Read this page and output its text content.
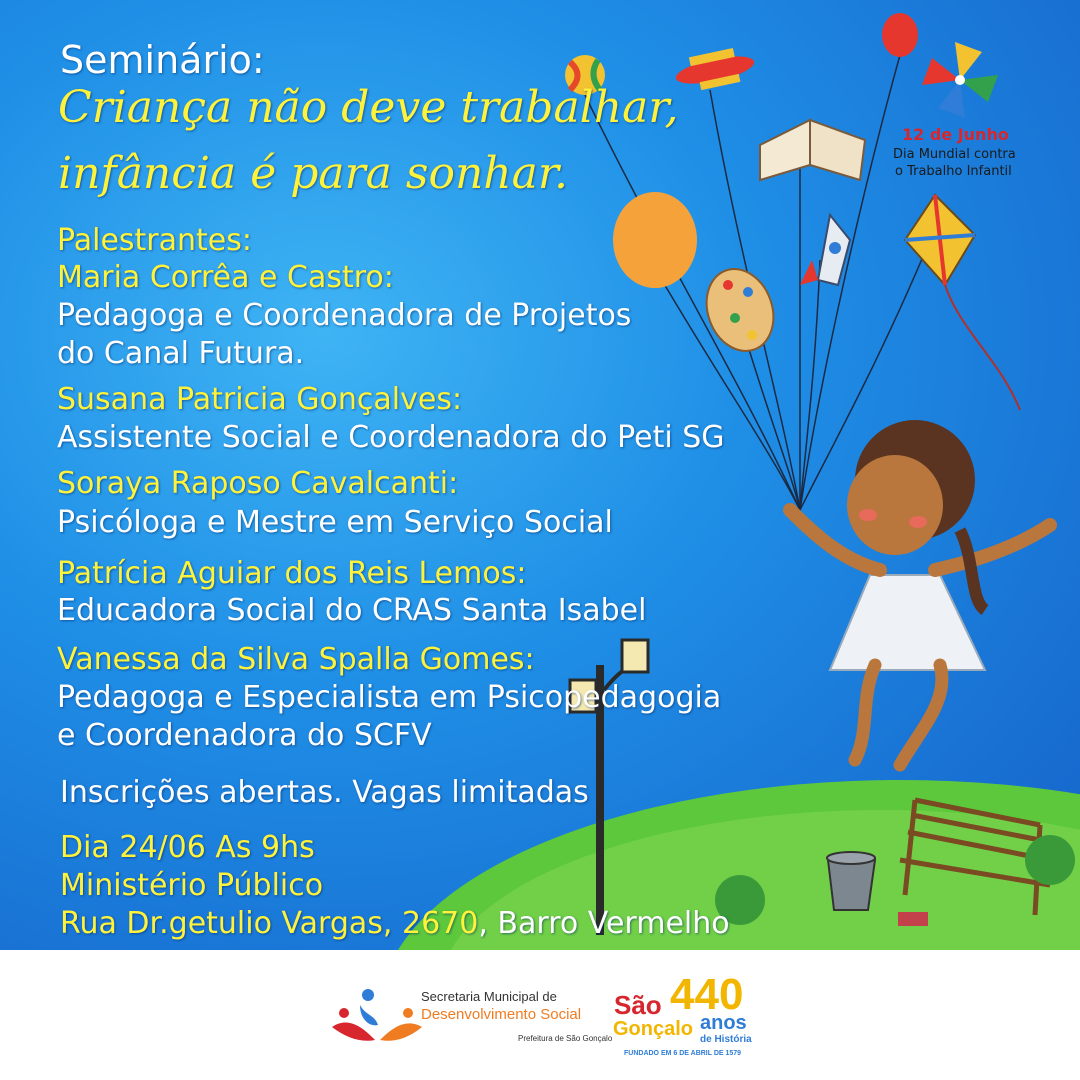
12 de Junho
Dia Mundial contra
o Trabalho Infantil
Seminário:
Criança não deve trabalhar,
infância é para sonhar.
Palestrantes:
Maria Corrêa e Castro:
Pedagoga e Coordenadora de Projetos
do Canal Futura.
Susana Patricia Gonçalves:
Assistente Social e Coordenadora do Peti SG
Soraya Raposo Cavalcanti:
Psicóloga e Mestre em Serviço Social
Patrícia Aguiar dos Reis Lemos:
Educadora Social do CRAS Santa Isabel
Vanessa da Silva Spalla Gomes:
Pedagoga e Especialista em Psicopedagogia
e Coordenadora do SCFV
Inscrições abertas. Vagas limitadas
Dia 24/06 As 9hs
Ministério Público
Rua Dr.getulio Vargas, 2670, Barro Vermelho
Secretaria Municipal de
Desenvolvimento Social
Prefeitura de São Gonçalo
São
Gonçalo
440
anos
de História
FUNDADO EM 6 DE ABRIL DE 1579
